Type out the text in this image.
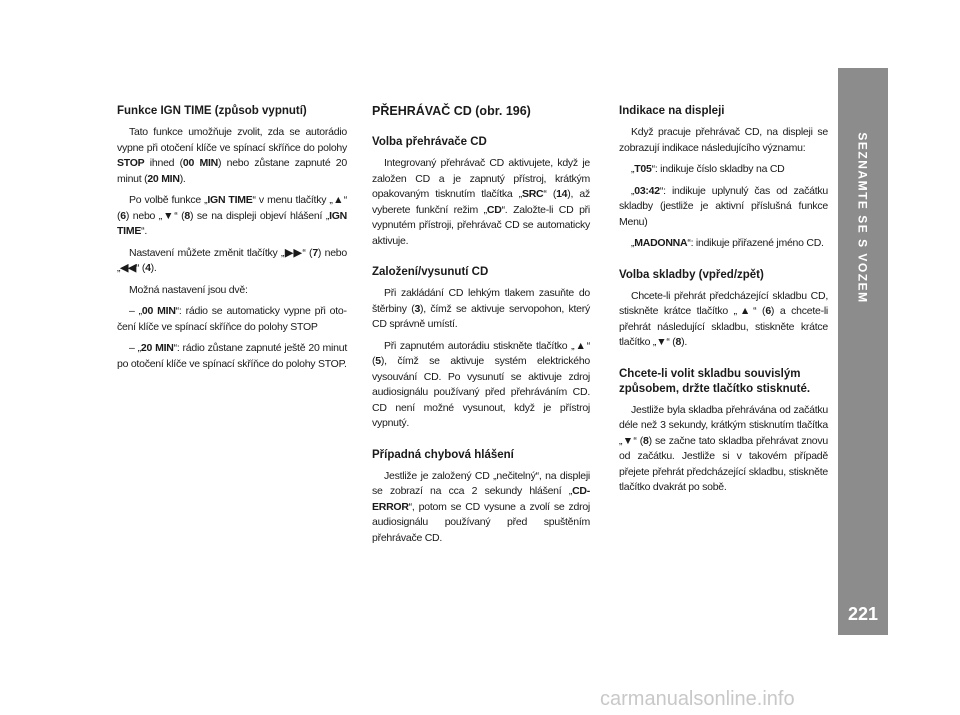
SEZNAMTE SE S VOZEM
221
Funkce IGN TIME (způsob vypnutí)
Tato funkce umožňuje zvolit, zda se autorádio vypne při otočení klíče ve spínací skříňce do polohy STOP ihned (00 MIN) nebo zůstane zapnuté 20 minut (20 MIN).
Po volbě funkce „IGN TIME“ v menu tlačítky „▲“ (6) nebo „▼“ (8) se na displeji objeví hlášení „IGN TIME“.
Nastavení můžete změnit tlačítky „▶▶“ (7) nebo „◀◀“ (4).
Možná nastavení jsou dvě:
– „00 MIN“: rádio se automaticky vypne při otočení klíče ve spínací skříňce do polohy STOP
– „20 MIN“: rádio zůstane zapnuté ještě 20 minut po otočení klíče ve spínací skříňce do polohy STOP.
PŘEHRÁVAČ CD (obr. 196)
Volba přehrávače CD
Integrovaný přehrávač CD aktivujete, když je založen CD a je zapnutý přístroj, krátkým opakovaným tisknutím tlačítka „SRC“ (14), až vyberete funkční režim „CD“. Založte-li CD při vypnutém přístroji, přehrávač CD se automaticky aktivuje.
Založení/vysunutí CD
Při zakládání CD lehkým tlakem zasuňte do štěrbiny (3), čímž se aktivuje servopohon, který CD správně umístí.
Při zapnutém autorádiu stiskněte tlačítko „▲“ (5), čímž se aktivuje systém elektrického vysouvání CD. Po vysunutí se aktivuje zdroj audiosignálu používaný před přehráváním CD. CD není možné vysunout, když je přístroj vypnutý.
Případná chybová hlášení
Jestliže je založený CD „nečitelný“, na displeji se zobrazí na cca 2 sekundy hlášení „CD-ERROR“, potom se CD vysune a zvolí se zdroj audiosignálu používaný před spuštěním přehrávače CD.
Indikace na displeji
Když pracuje přehrávač CD, na displeji se zobrazují indikace následujícího významu:
„T05“: indikuje číslo skladby na CD
„03:42“: indikuje uplynulý čas od začátku skladby (jestliže je aktivní příslušná funkce Menu)
„MADONNA“: indikuje přiřazené jméno CD.
Volba skladby (vpřed/zpět)
Chcete-li přehrát předcházející skladbu CD, stiskněte krátce tlačítko „▲“ (6) a chcete-li přehrát následující skladbu, stiskněte krátce tlačítko „▼“ (8).
Chcete-li volit skladbu souvislým způsobem, držte tlačítko stisknuté.
Jestliže byla skladba přehrávána od začátku déle než 3 sekundy, krátkým stisknutím tlačítka „▼“ (8) se začne tato skladba přehrávat znovu od začátku. Jestliže si v takovém případě přejete přehrát předcházející skladbu, stiskněte tlačítko dvakrát po sobě.
carmanualsonline.info
